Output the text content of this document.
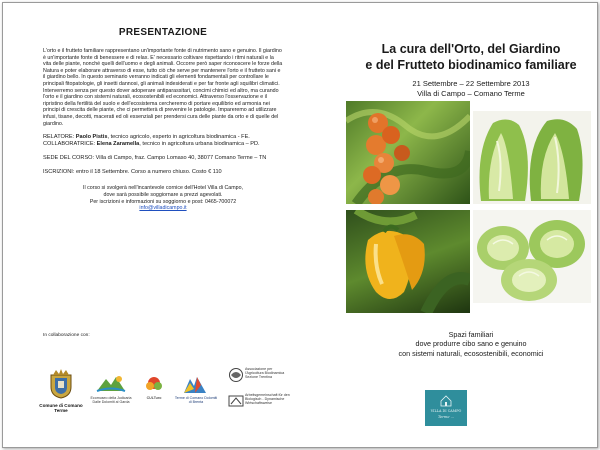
PRESENTAZIONE

L'orto e il frutteto familiare rappresentano un'importante fonte di nutrimento sano e genuino. Il giardino è un'importante fonte di benessere e di relax. E' necessario coltivare rispettando i ritmi naturali e la vita delle piante, nonché quelli dell'uomo e degli animali. Occorre però saper riconoscere le forze della Natura e poter elaborare attraverso di esse, tutto ciò che serve per mantenere l'orto e il frutteto sani e il giardino bello. In questo seminario verranno indicati gli elementi fondamentali per controllare le principali fitopatologie, gli insetti dannosi, gli animali indesiderati e per far fronte agli squilibri climatici. Interverremo senza per questo dover adoperare antiparassitari, concimi chimici ed altro, ma curando l'orto e il giardino con sistemi naturali, ecosostenibili ed economici. Attraverso l'osservazione e il ripristino della fertilità del suolo e dell'ecosistema cercheremo di portare equilibrio ed armonia nei principi di crescita delle piante, che ci permetterà di prevenire le patologie. Impareremo ad utilizzare infusi, tisane, decotti, macerati ed oli essenziali per prendersi cura delle piante da orto e di quelle del giardino.

RELATORE: Paolo Pistis, tecnico agricolo, esperto in agricoltura biodinamica - FE.
COLLABORATRICE: Elena Zaramella, tecnico in agricoltura urbana biodinamica – PD.
SEDE DEL CORSO: Villa di Campo, fraz. Campo Lomaso 40, 38077 Comano Terme – TN
ISCRIZIONI: entro il 18 Settembre. Corso a numero chiuso. Costo € 110
Il corso si svolgerà nell'incantevole cornice dell'Hotel Villa di Campo,
dove sarà possibile soggiornare a prezzi agevolati.
Per iscrizioni e informazioni su soggiorno e post: 0465-700072
info@villadicampo.it
In collaborazione con:
Comune di Comano Terme
Ecomuseo della Judicaria Dalle Dolomiti al Garda
CULTuro	Terme di Comano Dolomiti di Brenta
Associazione per l'Agricoltura Biodinamica Sezione Trentina
Arbeitsgemeinschaft für den Biologisch - Dynamische Wirtschaftsweise
La cura dell'Orto, del Giardino
e del Frutteto biodinamico familiare
21 Settembre – 22 Settembre 2013
Villa di Campo – Comano Terme
Spazi familiari
dove produrre cibo sano e genuino
con sistemi naturali, ecosostenibili, economici
VILLA DI CAMPO
Terme ...
